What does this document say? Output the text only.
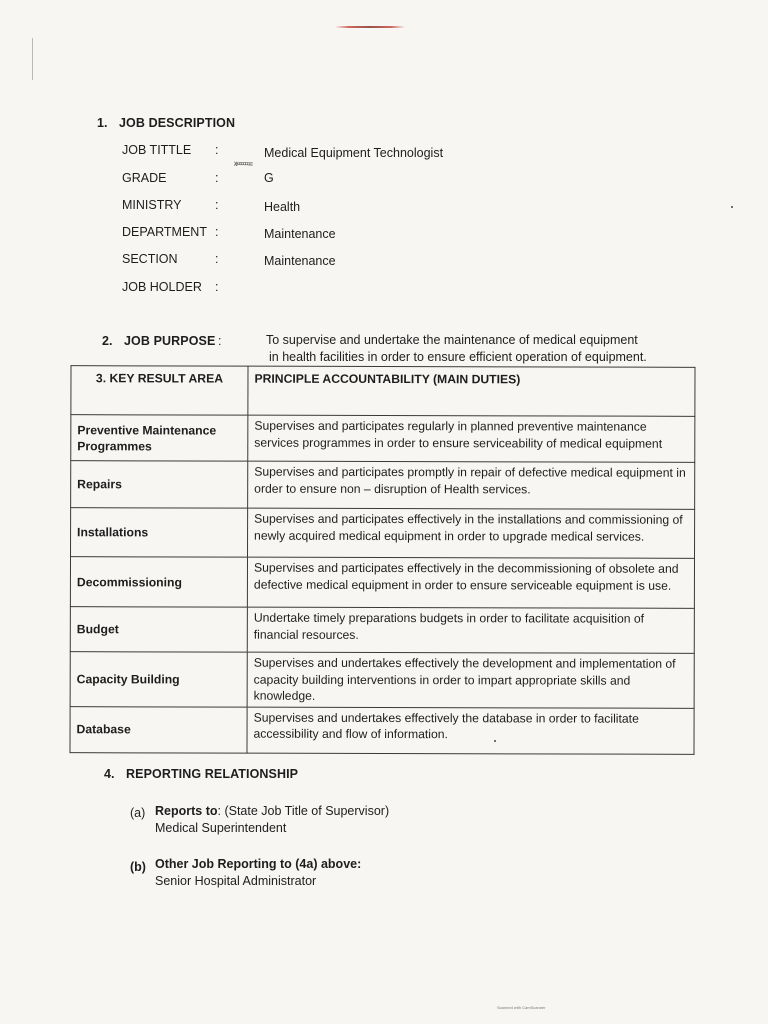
1. JOB DESCRIPTION
JOB TITTLE :	Medical Equipment Technologist
ᵡᵞᵘᶜᶜᶜᶜᶜᶜᶜ
GRADE	:	G
MINISTRY	:	Health
DEPARTMENT :	Maintenance
SECTION	:	Maintenance
JOB HOLDER :
2. JOB PURPOSE :	To supervise and undertake the maintenance of medical equipment
in health facilities in order to ensure efficient operation of equipment.
3. KEY RESULT AREA	PRINCIPLE ACCOUNTABILITY (MAIN DUTIES)
Preventive Maintenance Programmes	Supervises and participates regularly in planned preventive maintenance services programmes in order to ensure serviceability of medical equipment
Repairs	Supervises and participates promptly in repair of defective medical equipment in order to ensure non – disruption of Health services.
Installations	Supervises and participates effectively in the installations and commissioning of newly acquired medical equipment in order to upgrade medical services.
Decommissioning	Supervises and participates effectively in the decommissioning of obsolete and defective medical equipment in order to ensure serviceable equipment is use.
Budget	Undertake timely preparations budgets in order to facilitate acquisition of financial resources.
Capacity Building	Supervises and undertakes effectively the development and implementation of capacity building interventions in order to impart appropriate skills and knowledge.
Database	Supervises and undertakes effectively the database in order to facilitate accessibility and flow of information.
4. REPORTING RELATIONSHIP
(a) Reports to: (State Job Title of Supervisor)
Medical Superintendent
(b) Other Job Reporting to (4a) above:
Senior Hospital Administrator
Scanned with CamScanner
